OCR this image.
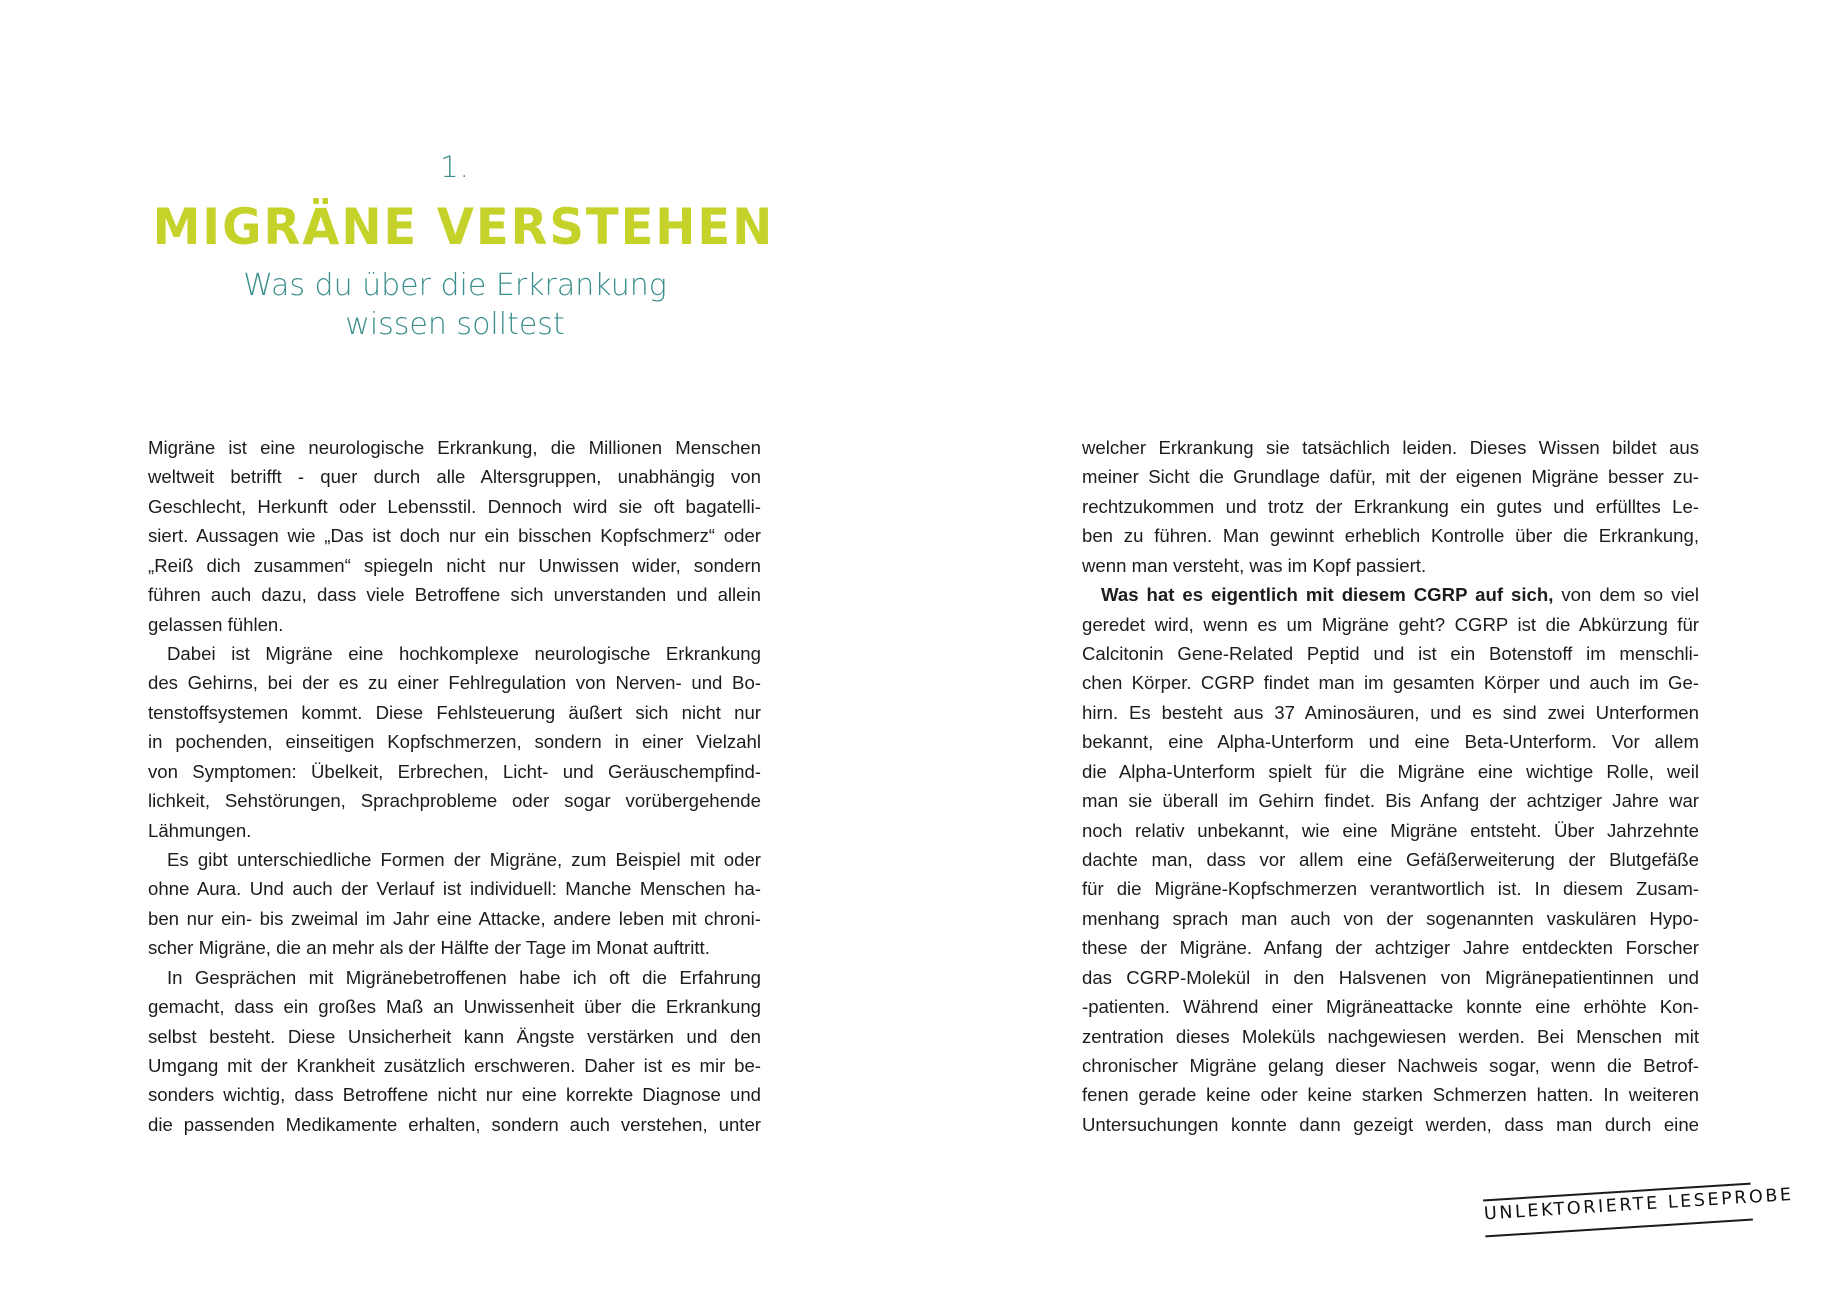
1.
MIGRÄNE VERSTEHEN
Was du über die Erkrankung
wissen solltest
Migräne ist eine neurologische Erkrankung, die Millionen Menschen
weltweit betrifft - quer durch alle Altersgruppen, unabhängig von
Geschlecht, Herkunft oder Lebensstil. Dennoch wird sie oft bagatelli-
siert. Aussagen wie „Das ist doch nur ein bisschen Kopfschmerz“ oder
„Reiß dich zusammen“ spiegeln nicht nur Unwissen wider, sondern
führen auch dazu, dass viele Betroffene sich unverstanden und allein
gelassen fühlen.
Dabei ist Migräne eine hochkomplexe neurologische Erkrankung
des Gehirns, bei der es zu einer Fehlregulation von Nerven- und Bo-
tenstoffsystemen kommt. Diese Fehlsteuerung äußert sich nicht nur
in pochenden, einseitigen Kopfschmerzen, sondern in einer Vielzahl
von Symptomen: Übelkeit, Erbrechen, Licht- und Geräuschempfind-
lichkeit, Sehstörungen, Sprachprobleme oder sogar vorübergehende
Lähmungen.
Es gibt unterschiedliche Formen der Migräne, zum Beispiel mit oder
ohne Aura. Und auch der Verlauf ist individuell: Manche Menschen ha-
ben nur ein- bis zweimal im Jahr eine Attacke, andere leben mit chroni-
scher Migräne, die an mehr als der Hälfte der Tage im Monat auftritt.
In Gesprächen mit Migränebetroffenen habe ich oft die Erfahrung
gemacht, dass ein großes Maß an Unwissenheit über die Erkrankung
selbst besteht. Diese Unsicherheit kann Ängste verstärken und den
Umgang mit der Krankheit zusätzlich erschweren. Daher ist es mir be-
sonders wichtig, dass Betroffene nicht nur eine korrekte Diagnose und
die passenden Medikamente erhalten, sondern auch verstehen, unter
welcher Erkrankung sie tatsächlich leiden. Dieses Wissen bildet aus
meiner Sicht die Grundlage dafür, mit der eigenen Migräne besser zu-
rechtzukommen und trotz der Erkrankung ein gutes und erfülltes Le-
ben zu führen. Man gewinnt erheblich Kontrolle über die Erkrankung,
wenn man versteht, was im Kopf passiert.
Was hat es eigentlich mit diesem CGRP auf sich, von dem so viel
geredet wird, wenn es um Migräne geht? CGRP ist die Abkürzung für
Calcitonin Gene-Related Peptid und ist ein Botenstoff im menschli-
chen Körper. CGRP findet man im gesamten Körper und auch im Ge-
hirn. Es besteht aus 37 Aminosäuren, und es sind zwei Unterformen
bekannt, eine Alpha-Unterform und eine Beta-Unterform. Vor allem
die Alpha-Unterform spielt für die Migräne eine wichtige Rolle, weil
man sie überall im Gehirn findet. Bis Anfang der achtziger Jahre war
noch relativ unbekannt, wie eine Migräne entsteht. Über Jahrzehnte
dachte man, dass vor allem eine Gefäßerweiterung der Blutgefäße
für die Migräne-Kopfschmerzen verantwortlich ist. In diesem Zusam-
menhang sprach man auch von der sogenannten vaskulären Hypo-
these der Migräne. Anfang der achtziger Jahre entdeckten Forscher
das CGRP-Molekül in den Halsvenen von Migränepatientinnen und
-patienten. Während einer Migräneattacke konnte eine erhöhte Kon-
zentration dieses Moleküls nachgewiesen werden. Bei Menschen mit
chronischer Migräne gelang dieser Nachweis sogar, wenn die Betrof-
fenen gerade keine oder keine starken Schmerzen hatten. In weiteren
Untersuchungen konnte dann gezeigt werden, dass man durch eine
UNLEKTORIERTE LESEPROBE
